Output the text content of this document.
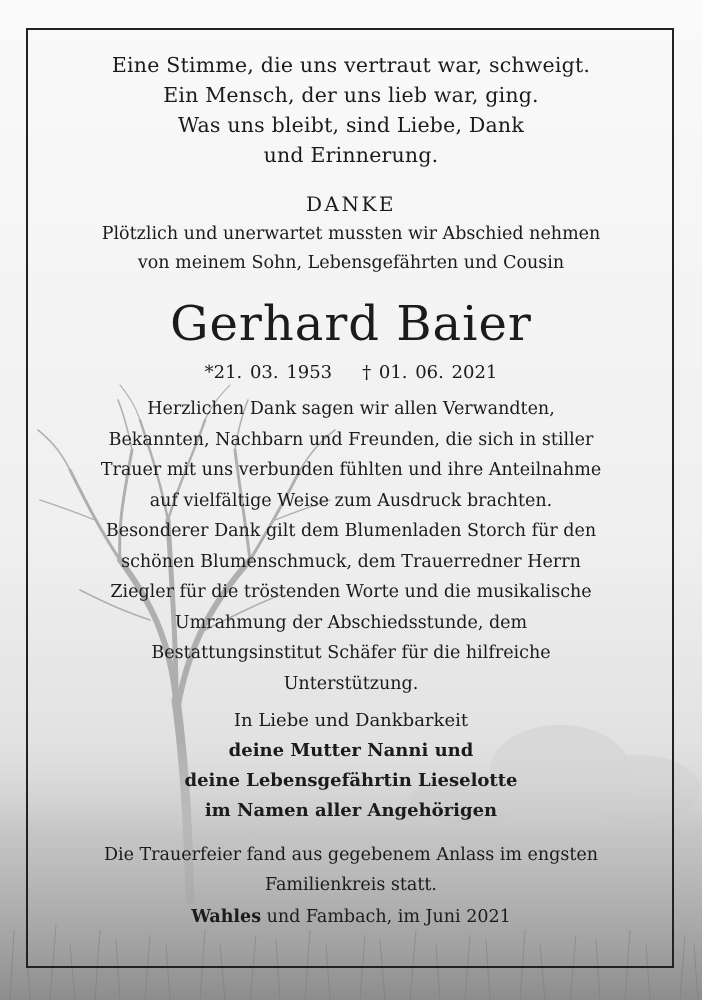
Eine Stimme, die uns vertraut war, schweigt.
Ein Mensch, der uns lieb war, ging.
Was uns bleibt, sind Liebe, Dank
und Erinnerung.
DANKE
Plötzlich und unerwartet mussten wir Abschied nehmen
von meinem Sohn, Lebensgefährten und Cousin
Gerhard Baier
*21. 03. 1953 † 01. 06. 2021
Herzlichen Dank sagen wir allen Verwandten,
Bekannten, Nachbarn und Freunden, die sich in stiller
Trauer mit uns verbunden fühlten und ihre Anteilnahme
auf vielfältige Weise zum Ausdruck brachten.
Besonderer Dank gilt dem Blumenladen Storch für den
schönen Blumenschmuck, dem Trauerredner Herrn
Ziegler für die tröstenden Worte und die musikalische
Umrahmung der Abschiedsstunde, dem
Bestattungsinstitut Schäfer für die hilfreiche
Unterstützung.
In Liebe und Dankbarkeit
deine Mutter Nanni und
deine Lebensgefährtin Lieselotte
im Namen aller Angehörigen
Die Trauerfeier fand aus gegebenem Anlass im engsten
Familienkreis statt.
Wahles und Fambach, im Juni 2021
